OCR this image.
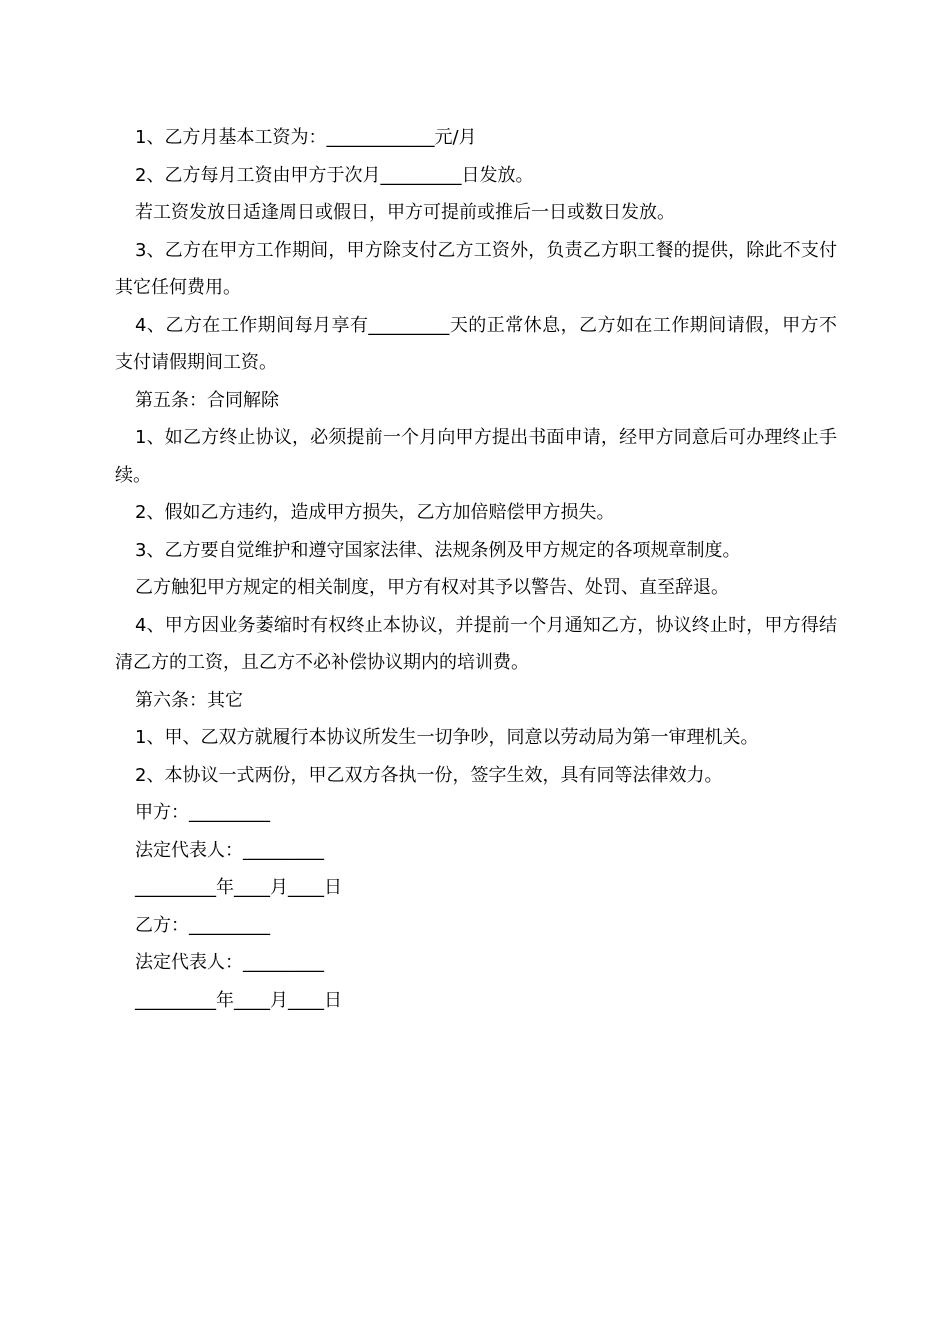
1、乙方月基本工资为：____________元/月

2、乙方每月工资由甲方于次月_________日发放。

若工资发放日适逢周日或假日，甲方可提前或推后一日或数日发放。

3、乙方在甲方工作期间，甲方除支付乙方工资外，负责乙方职工餐的提供，除此不支付其它任何费用。

4、乙方在工作期间每月享有_________天的正常休息，乙方如在工作期间请假，甲方不支付请假期间工资。

第五条：合同解除

1、如乙方终止协议，必须提前一个月向甲方提出书面申请，经甲方同意后可办理终止手续。

2、假如乙方违约，造成甲方损失，乙方加倍赔偿甲方损失。

3、乙方要自觉维护和遵守国家法律、法规条例及甲方规定的各项规章制度。

乙方触犯甲方规定的相关制度，甲方有权对其予以警告、处罚、直至辞退。

4、甲方因业务萎缩时有权终止本协议，并提前一个月通知乙方，协议终止时，甲方得结清乙方的工资，且乙方不必补偿协议期内的培训费。

第六条：其它

1、甲、乙双方就履行本协议所发生一切争吵，同意以劳动局为第一审理机关。

2、本协议一式两份，甲乙双方各执一份，签字生效，具有同等法律效力。

甲方：_________

法定代表人：_________

_________年____月____日

乙方：_________

法定代表人：_________

_________年____月____日
